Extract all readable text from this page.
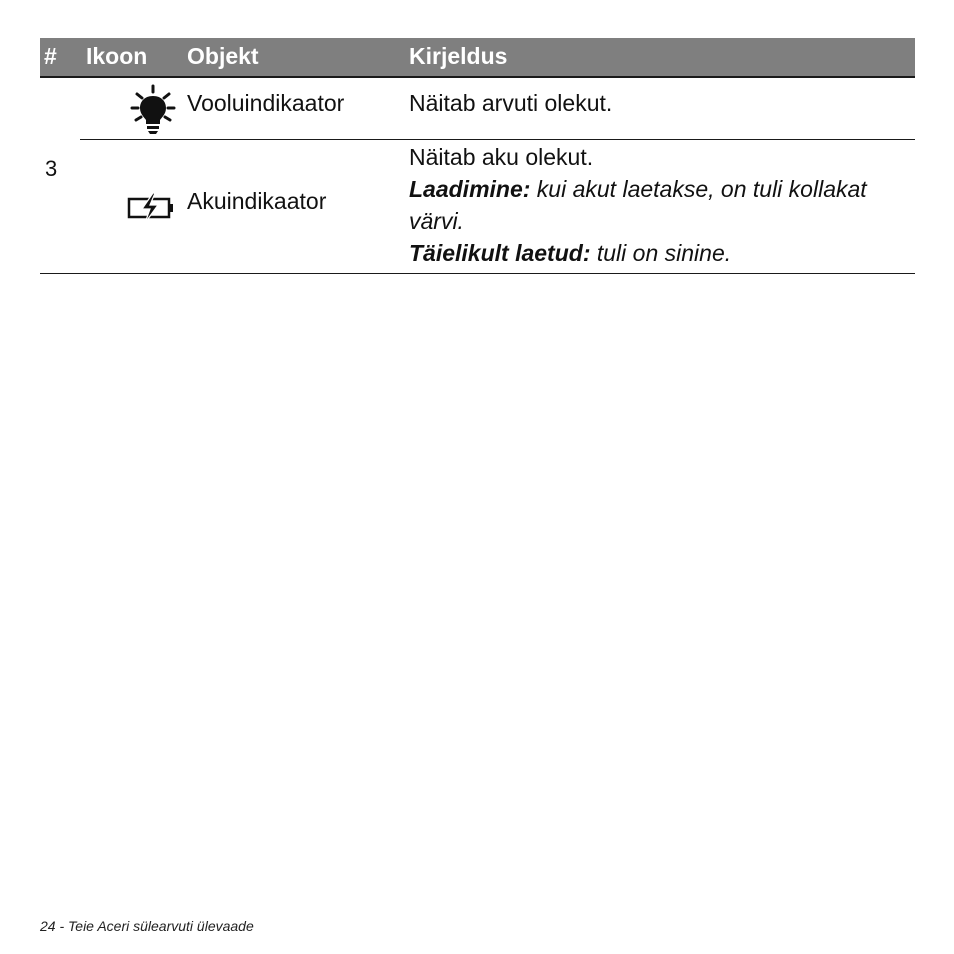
# Ikoon Objekt	Kirjeldus
3
Vooluindikaator	Näitab arvuti olekut.
Akuindikaator
Näitab aku olekut.
Laadimine: kui akut laetakse, on tuli kollakat värvi.
Täielikult laetud: tuli on sinine.
24 - Teie Aceri sülearvuti ülevaade
